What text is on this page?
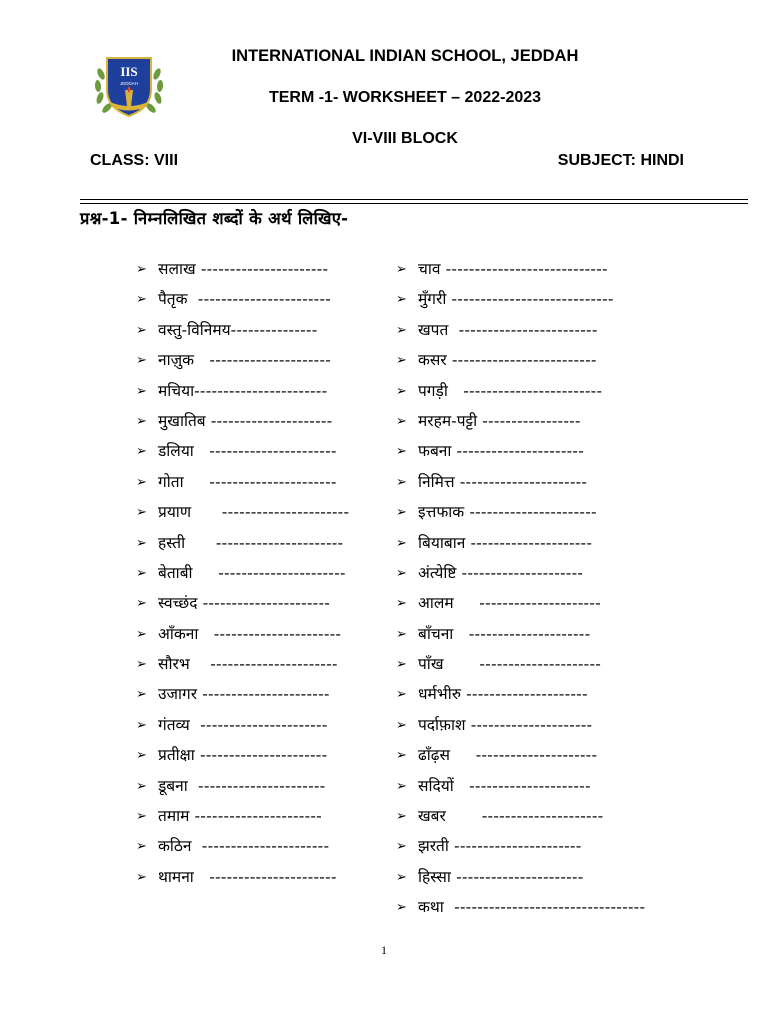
IIS
JEDDAH
INTERNATIONAL INDIAN SCHOOL, JEDDAH
TERM -1- WORKSHEET – 2022-2023
VI-VIII BLOCK
CLASS: VIII	SUBJECT: HINDI
प्रश्न-1- निम्नलिखित शब्दों के अर्थ लिखिए-
➢ सलाख ----------------------
➢ पैतृक  -----------------------
➢ वस्तु-विनिमय---------------
➢ नाज़ुक   ---------------------
➢ मचिया-----------------------
➢ मुखातिब ---------------------
➢ डलिया   ----------------------
➢ गोता     ----------------------
➢ प्रयाण      ----------------------
➢ हस्ती      ----------------------
➢ बेताबी     ----------------------
➢ स्वच्छंद ----------------------
➢ आँकना   ----------------------
➢ सौरभ    ----------------------
➢ उजागर ----------------------
➢ गंतव्य  ----------------------
➢ प्रतीक्षा ----------------------
➢ डूबना  ----------------------
➢ तमाम ----------------------
➢ कठिन  ----------------------
➢ थामना   ----------------------
➢ चाव ----------------------------
➢ मुँगरी ----------------------------
➢ खपत  ------------------------
➢ कसर -------------------------
➢ पगड़ी   ------------------------
➢ मरहम-पट्टी -----------------
➢ फबना ----------------------
➢ निमित्त ----------------------
➢ इत्तफाक ----------------------
➢ बियाबान ---------------------
➢ अंत्येष्टि ---------------------
➢ आलम     ---------------------
➢ बाँचना   ---------------------
➢ पाँख       ---------------------
➢ धर्मभीरु ---------------------
➢ पर्दाफ़ाश ---------------------
➢ ढाँढ़स     ---------------------
➢ सदियों   ---------------------
➢ खबर       ---------------------
➢ झरती ----------------------
➢ हिस्सा ----------------------
➢ कथा  ---------------------------------
1
